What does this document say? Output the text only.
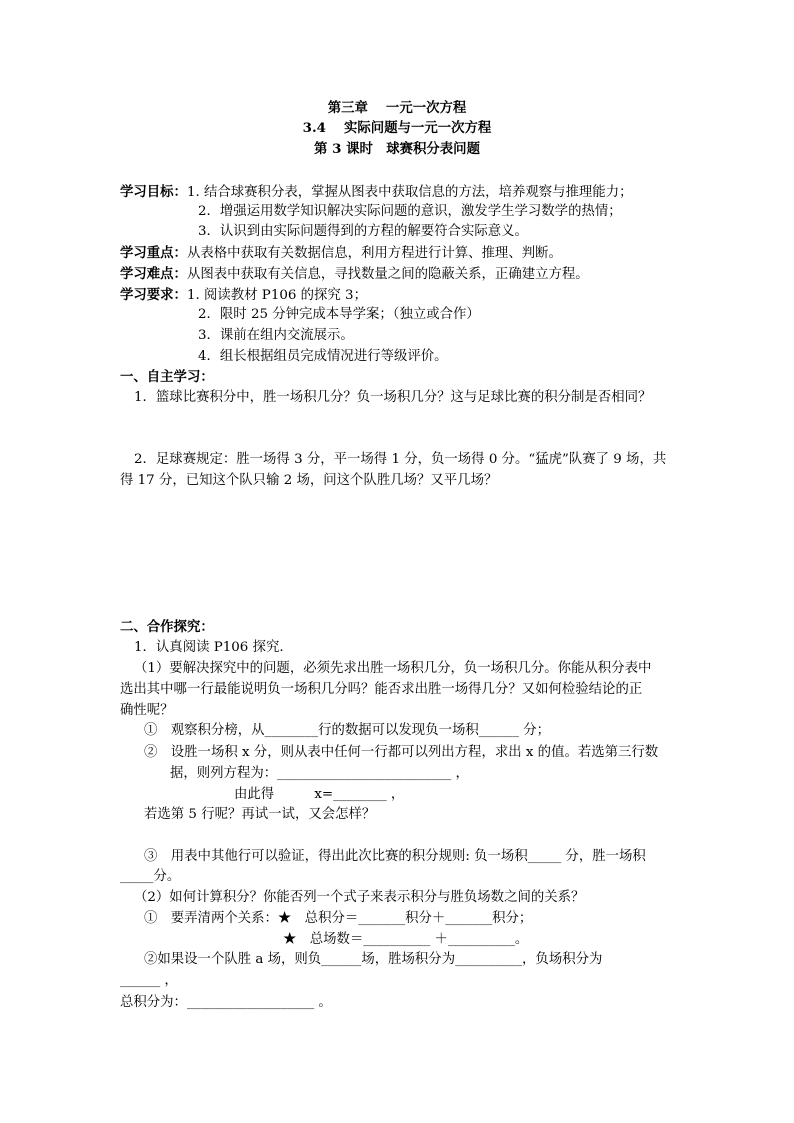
第三章　 一元一次方程
3.4　 实际问题与一元一次方程
第 3 课时　球赛积分表问题
学习目标：1. 结合球赛积分表，掌握从图表中获取信息的方法，培养观察与推理能力；
2．增强运用数学知识解决实际问题的意识，激发学生学习数学的热情；
3．认识到由实际问题得到的方程的解要符合实际意义。
学习重点：从表格中获取有关数据信息，利用方程进行计算、推理、判断。
学习难点：从图表中获取有关信息，寻找数量之间的隐蔽关系，正确建立方程。
学习要求：1. 阅读教材 P106 的探究 3；
2．限时 25 分钟完成本导学案；（独立或合作）
3．课前在组内交流展示。
4．组长根据组员完成情况进行等级评价。
一、自主学习：
1．篮球比赛积分中，胜一场积几分？负一场积几分？这与足球比赛的积分制是否相同？
2．足球赛规定：胜一场得 3 分，平一场得 1 分，负一场得 0 分。“猛虎”队赛了 9 场，共
得 17 分，已知这个队只输 2 场，问这个队胜几场？又平几场？
二、合作探究：
1．认真阅读 P106 探究.
（1）要解决探究中的问题，必须先求出胜一场积几分，负一场积几分。你能从积分表中
选出其中哪一行最能说明负一场积几分吗？能否求出胜一场得几分？又如何检验结论的正
确性呢？
①　观察积分榜，从________行的数据可以发现负一场积______ 分；
②　设胜一场积 x 分，则从表中任何一行都可以列出方程，求出 x 的值。若选第三行数
据，则列方程为：__________________________ ，
由此得　　　x=________ ，
若选第 5 行呢？再试一试，又会怎样？
③　用表中其他行可以验证，得出此次比赛的积分规则: 负一场积_____ 分，胜一场积
_____分。
（2）如何计算积分？你能否列一个式子来表示积分与胜负场数之间的关系？
①　要弄清两个关系：★　总积分＝_______积分＋_______积分；
★　总场数＝__________ ＋__________。
②如果设一个队胜 a 场，则负______场，胜场积分为__________，负场积分为
______ ，
总积分为：___________________ 。
